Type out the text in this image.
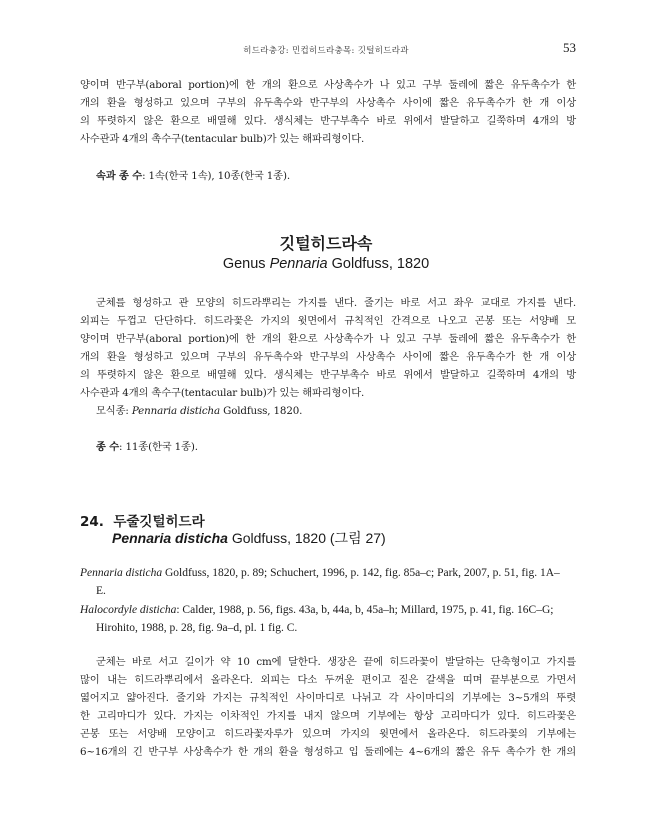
히드라충강: 민컵히드라충목: 깃털히드라과	53
양이며 반구부(aboral portion)에 한 개의 환으로 사상촉수가 나 있고 구부 둘레에 짧은 유두촉수가 한
개의 환을 형성하고 있으며 구부의 유두촉수와 반구부의 사상촉수 사이에 짧은 유두촉수가 한 개 이상
의 뚜렷하지 않은 환으로 배열해 있다. 생식체는 반구부촉수 바로 위에서 발달하고 길쭉하며 4개의 방
사수관과 4개의 촉수구(tentacular bulb)가 있는 해파리형이다.
속과 종 수: 1속(한국 1속), 10종(한국 1종).
깃털히드라속
Genus Pennaria Goldfuss, 1820
군체를 형성하고 관 모양의 히드라뿌리는 가지를 낸다. 줄기는 바로 서고 좌우 교대로 가지를 낸다.
외피는 두껍고 단단하다. 히드라꽃은 가지의 윗면에서 규칙적인 간격으로 나오고 곤봉 또는 서양배 모
양이며 반구부(aboral portion)에 한 개의 환으로 사상촉수가 나 있고 구부 둘레에 짧은 유두촉수가 한
개의 환을 형성하고 있으며 구부의 유두촉수와 반구부의 사상촉수 사이에 짧은 유두촉수가 한 개 이상
의 뚜렷하지 않은 환으로 배열해 있다. 생식체는 반구부촉수 바로 위에서 발달하고 길쭉하며 4개의 방
사수관과 4개의 촉수구(tentacular bulb)가 있는 해파리형이다.
모식종: Pennaria disticha Goldfuss, 1820.
종 수: 11종(한국 1종).
24. 두줄깃털히드라
Pennaria disticha Goldfuss, 1820 (그림 27)
Pennaria disticha Goldfuss, 1820, p. 89; Schuchert, 1996, p. 142, fig. 85a–c; Park, 2007, p. 51, fig. 1A–
E.
Halocordyle disticha: Calder, 1988, p. 56, figs. 43a, b, 44a, b, 45a–h; Millard, 1975, p. 41, fig. 16C–G;
Hirohito, 1988, p. 28, fig. 9a–d, pl. 1 fig. C.
군체는 바로 서고 길이가 약 10 cm에 달한다. 생장은 끝에 히드라꽃이 발달하는 단축형이고 가지를
많이 내는 히드라뿌리에서 올라온다. 외피는 다소 두꺼운 편이고 짙은 갈색을 띠며 끝부분으로 가면서
엷어지고 얇아진다. 줄기와 가지는 규칙적인 사이마디로 나뉘고 각 사이마디의 기부에는 3~5개의 뚜렷
한 고리마디가 있다. 가지는 이차적인 가지를 내지 않으며 기부에는 항상 고리마디가 있다. 히드라꽃은
곤봉 또는 서양배 모양이고 히드라꽃자루가 있으며 가지의 윗면에서 올라온다. 히드라꽃의 기부에는
6~16개의 긴 반구부 사상촉수가 한 개의 환을 형성하고 입 둘레에는 4~6개의 짧은 유두 촉수가 한 개의
